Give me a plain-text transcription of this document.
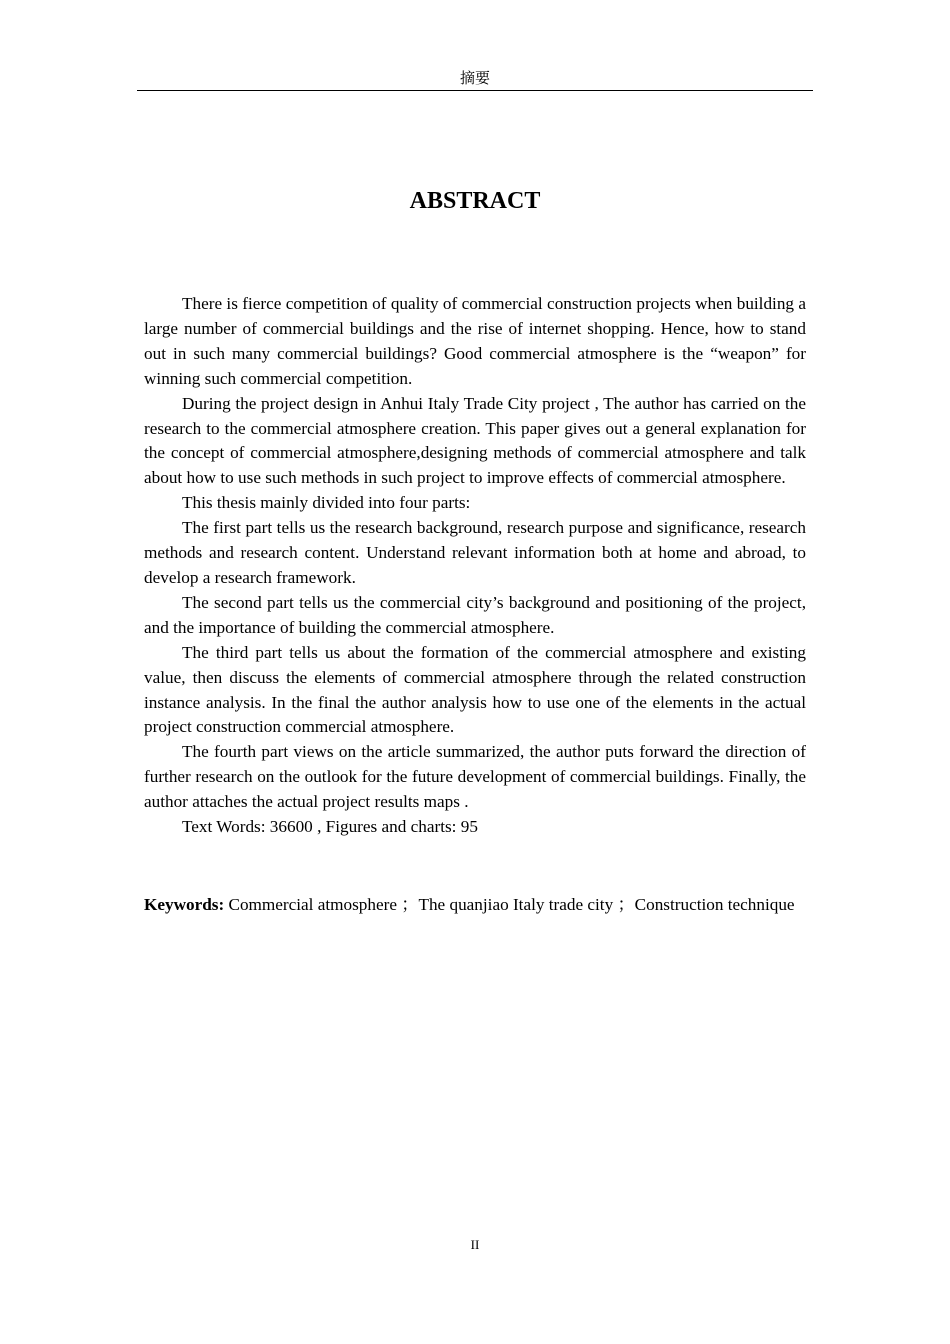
摘要
ABSTRACT

There is fierce competition of quality of commercial construction projects when building a large number of commercial buildings and the rise of internet shopping. Hence, how to stand out in such many commercial buildings? Good commercial atmosphere is the “weapon” for winning such commercial competition.

During the project design in Anhui Italy Trade City project , The author has carried on the research to the commercial atmosphere creation. This paper gives out a general explanation for the concept of commercial atmosphere,designing methods of commercial atmosphere and talk about how to use such methods in such project to improve effects of commercial atmosphere.

This thesis mainly divided into four parts:

The first part tells us the research background, research purpose and significance, research methods and research content. Understand relevant information both at home and abroad, to develop a research framework.

The second part tells us the commercial city’s background and positioning of the project, and the importance of building the commercial atmosphere.

The third part tells us about the formation of the commercial atmosphere and existing value, then discuss the elements of commercial atmosphere through the related construction instance analysis. In the final the author analysis how to use one of the elements in the actual project construction commercial atmosphere.

The fourth part views on the article summarized, the author puts forward the direction of further research on the outlook for the future development of commercial buildings. Finally, the author attaches the actual project results maps .

Text Words: 36600 , Figures and charts: 95

Keywords: Commercial atmosphere ；The quanjiao Italy trade city ；Construction technique

II
